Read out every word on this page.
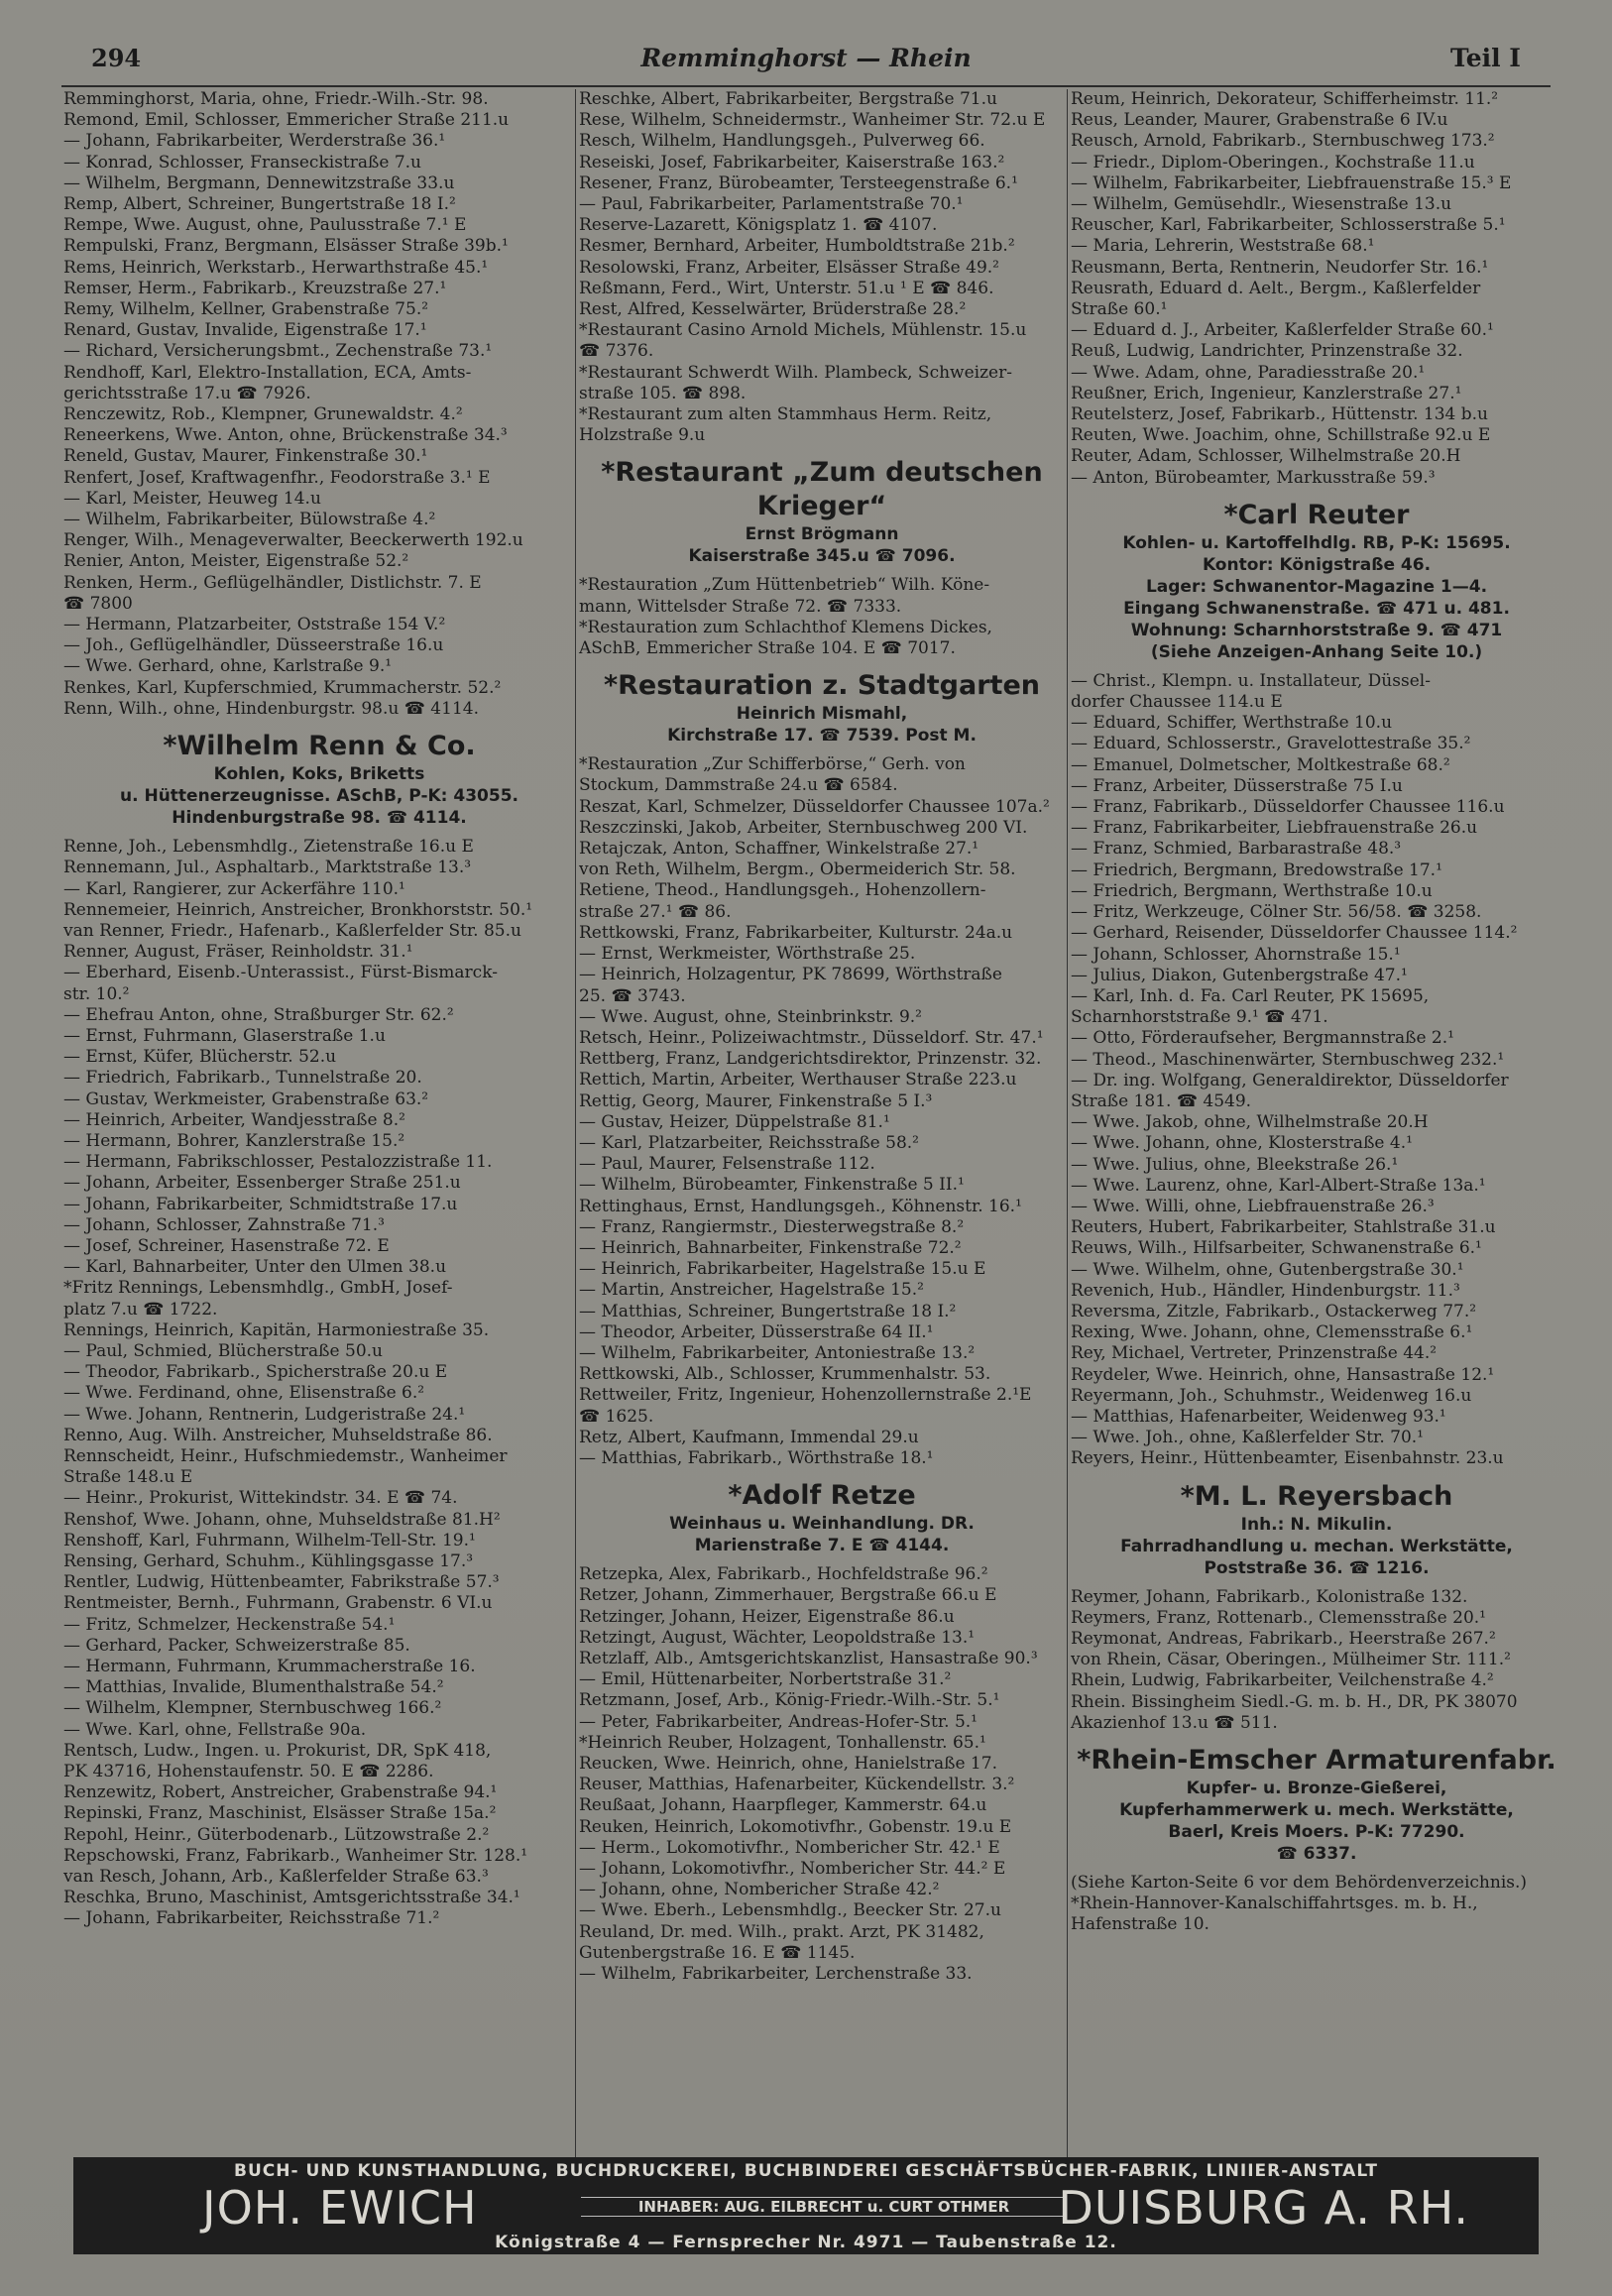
294	Remminghorst — Rhein	Teil I
Remminghorst, Maria, ohne, Friedr.-Wilh.-Str. 98.
Remond, Emil, Schlosser, Emmericher Straße 211.u
— Johann, Fabrikarbeiter, Werderstraße 36.¹
— Konrad, Schlosser, Franseckistraße 7.u
— Wilhelm, Bergmann, Dennewitzstraße 33.u
Remp, Albert, Schreiner, Bungertstraße 18 I.²
Rempe, Wwe. August, ohne, Paulusstraße 7.¹ E
Rempulski, Franz, Bergmann, Elsässer Straße 39b.¹
Rems, Heinrich, Werkstarb., Herwarthstraße 45.¹
Remser, Herm., Fabrikarb., Kreuzstraße 27.¹
Remy, Wilhelm, Kellner, Grabenstraße 75.²
Renard, Gustav, Invalide, Eigenstraße 17.¹
— Richard, Versicherungsbmt., Zechenstraße 73.¹
Rendhoff, Karl, Elektro-Installation, ECA, Amts-
gerichtsstraße 17.u ☎ 7926.
Renczewitz, Rob., Klempner, Grunewaldstr. 4.²
Reneerkens, Wwe. Anton, ohne, Brückenstraße 34.³
Reneld, Gustav, Maurer, Finkenstraße 30.¹
Renfert, Josef, Kraftwagenfhr., Feodorstraße 3.¹ E
— Karl, Meister, Heuweg 14.u
— Wilhelm, Fabrikarbeiter, Bülowstraße 4.²
Renger, Wilh., Menageverwalter, Beeckerwerth 192.u
Renier, Anton, Meister, Eigenstraße 52.²
Renken, Herm., Geflügelhändler, Distlichstr. 7. E
☎ 7800
— Hermann, Platzarbeiter, Oststraße 154 V.²
— Joh., Geflügelhändler, Düsseerstraße 16.u
— Wwe. Gerhard, ohne, Karlstraße 9.¹
Renkes, Karl, Kupferschmied, Krummacherstr. 52.²
Renn, Wilh., ohne, Hindenburgstr. 98.u ☎ 4114.
*Wilhelm Renn & Co.
Kohlen, Koks, Briketts
u. Hüttenerzeugnisse. ASchB, P-K: 43055.
Hindenburgstraße 98. ☎ 4114.
Renne, Joh., Lebensmhdlg., Zietenstraße 16.u E
Rennemann, Jul., Asphaltarb., Marktstraße 13.³
— Karl, Rangierer, zur Ackerfähre 110.¹
Rennemeier, Heinrich, Anstreicher, Bronkhorststr. 50.¹
van Renner, Friedr., Hafenarb., Kaßlerfelder Str. 85.u
Renner, August, Fräser, Reinholdstr. 31.¹
— Eberhard, Eisenb.-Unterassist., Fürst-Bismarck-
str. 10.²
— Ehefrau Anton, ohne, Straßburger Str. 62.²
— Ernst, Fuhrmann, Glaserstraße 1.u
— Ernst, Küfer, Blücherstr. 52.u
— Friedrich, Fabrikarb., Tunnelstraße 20.
— Gustav, Werkmeister, Grabenstraße 63.²
— Heinrich, Arbeiter, Wandjesstraße 8.²
— Hermann, Bohrer, Kanzlerstraße 15.²
— Hermann, Fabrikschlosser, Pestalozzistraße 11.
— Johann, Arbeiter, Essenberger Straße 251.u
— Johann, Fabrikarbeiter, Schmidtstraße 17.u
— Johann, Schlosser, Zahnstraße 71.³
— Josef, Schreiner, Hasenstraße 72. E
— Karl, Bahnarbeiter, Unter den Ulmen 38.u
*Fritz Rennings, Lebensmhdlg., GmbH, Josef-
platz 7.u ☎ 1722.
Rennings, Heinrich, Kapitän, Harmoniestraße 35.
— Paul, Schmied, Blücherstraße 50.u
— Theodor, Fabrikarb., Spicherstraße 20.u E
— Wwe. Ferdinand, ohne, Elisenstraße 6.²
— Wwe. Johann, Rentnerin, Ludgeristraße 24.¹
Renno, Aug. Wilh. Anstreicher, Muhseldstraße 86.
Rennscheidt, Heinr., Hufschmiedemstr., Wanheimer
Straße 148.u E
— Heinr., Prokurist, Wittekindstr. 34. E ☎ 74.
Renshof, Wwe. Johann, ohne, Muhseldstraße 81.H²
Renshoff, Karl, Fuhrmann, Wilhelm-Tell-Str. 19.¹
Rensing, Gerhard, Schuhm., Kühlingsgasse 17.³
Rentler, Ludwig, Hüttenbeamter, Fabrikstraße 57.³
Rentmeister, Bernh., Fuhrmann, Grabenstr. 6 VI.u
— Fritz, Schmelzer, Heckenstraße 54.¹
— Gerhard, Packer, Schweizerstraße 85.
— Hermann, Fuhrmann, Krummacherstraße 16.
— Matthias, Invalide, Blumenthalstraße 54.²
— Wilhelm, Klempner, Sternbuschweg 166.²
— Wwe. Karl, ohne, Fellstraße 90a.
Rentsch, Ludw., Ingen. u. Prokurist, DR, SpK 418,
PK 43716, Hohenstaufenstr. 50. E ☎ 2286.
Renzewitz, Robert, Anstreicher, Grabenstraße 94.¹
Repinski, Franz, Maschinist, Elsässer Straße 15a.²
Repohl, Heinr., Güterbodenarb., Lützowstraße 2.²
Repschowski, Franz, Fabrikarb., Wanheimer Str. 128.¹
van Resch, Johann, Arb., Kaßlerfelder Straße 63.³
Reschka, Bruno, Maschinist, Amtsgerichtsstraße 34.¹
— Johann, Fabrikarbeiter, Reichsstraße 71.²
Reschke, Albert, Fabrikarbeiter, Bergstraße 71.u
Rese, Wilhelm, Schneidermstr., Wanheimer Str. 72.u E
Resch, Wilhelm, Handlungsgeh., Pulverweg 66.
Reseiski, Josef, Fabrikarbeiter, Kaiserstraße 163.²
Resener, Franz, Bürobeamter, Tersteegenstraße 6.¹
— Paul, Fabrikarbeiter, Parlamentstraße 70.¹
Reserve-Lazarett, Königsplatz 1. ☎ 4107.
Resmer, Bernhard, Arbeiter, Humboldtstraße 21b.²
Resolowski, Franz, Arbeiter, Elsässer Straße 49.²
Reßmann, Ferd., Wirt, Unterstr. 51.u ¹ E ☎ 846.
Rest, Alfred, Kesselwärter, Brüderstraße 28.²
*Restaurant Casino Arnold Michels, Mühlenstr. 15.u
☎ 7376.
*Restaurant Schwerdt Wilh. Plambeck, Schweizer-
straße 105. ☎ 898.
*Restaurant zum alten Stammhaus Herm. Reitz,
Holzstraße 9.u
*Restaurant „Zum deutschen Krieger“
Ernst Brögmann
Kaiserstraße 345.u ☎ 7096.
*Restauration „Zum Hüttenbetrieb“ Wilh. Köne-
mann, Wittelsder Straße 72. ☎ 7333.
*Restauration zum Schlachthof Klemens Dickes,
ASchB, Emmericher Straße 104. E ☎ 7017.
*Restauration z. Stadtgarten
Heinrich Mismahl,
Kirchstraße 17. ☎ 7539. Post M.
*Restauration „Zur Schifferbörse,“ Gerh. von
Stockum, Dammstraße 24.u ☎ 6584.
Reszat, Karl, Schmelzer, Düsseldorfer Chaussee 107a.²
Reszczinski, Jakob, Arbeiter, Sternbuschweg 200 VI.
Retajczak, Anton, Schaffner, Winkelstraße 27.¹
von Reth, Wilhelm, Bergm., Obermeiderich Str. 58.
Retiene, Theod., Handlungsgeh., Hohenzollern-
straße 27.¹ ☎ 86.
Rettkowski, Franz, Fabrikarbeiter, Kulturstr. 24a.u
— Ernst, Werkmeister, Wörthstraße 25.
— Heinrich, Holzagentur, PK 78699, Wörthstraße
25. ☎ 3743.
— Wwe. August, ohne, Steinbrinkstr. 9.²
Retsch, Heinr., Polizeiwachtmstr., Düsseldorf. Str. 47.¹
Rettberg, Franz, Landgerichtsdirektor, Prinzenstr. 32.
Rettich, Martin, Arbeiter, Werthauser Straße 223.u
Rettig, Georg, Maurer, Finkenstraße 5 I.³
— Gustav, Heizer, Düppelstraße 81.¹
— Karl, Platzarbeiter, Reichsstraße 58.²
— Paul, Maurer, Felsenstraße 112.
— Wilhelm, Bürobeamter, Finkenstraße 5 II.¹
Rettinghaus, Ernst, Handlungsgeh., Köhnenstr. 16.¹
— Franz, Rangiermstr., Diesterwegstraße 8.²
— Heinrich, Bahnarbeiter, Finkenstraße 72.²
— Heinrich, Fabrikarbeiter, Hagelstraße 15.u E
— Martin, Anstreicher, Hagelstraße 15.²
— Matthias, Schreiner, Bungertstraße 18 I.²
— Theodor, Arbeiter, Düsserstraße 64 II.¹
— Wilhelm, Fabrikarbeiter, Antoniestraße 13.²
Rettkowski, Alb., Schlosser, Krummenhalstr. 53.
Rettweiler, Fritz, Ingenieur, Hohenzollernstraße 2.¹E
☎ 1625.
Retz, Albert, Kaufmann, Immendal 29.u
— Matthias, Fabrikarb., Wörthstraße 18.¹
*Adolf Retze
Weinhaus u. Weinhandlung. DR.
Marienstraße 7. E ☎ 4144.
Retzepka, Alex, Fabrikarb., Hochfeldstraße 96.²
Retzer, Johann, Zimmerhauer, Bergstraße 66.u E
Retzinger, Johann, Heizer, Eigenstraße 86.u
Retzingt, August, Wächter, Leopoldstraße 13.¹
Retzlaff, Alb., Amtsgerichtskanzlist, Hansastraße 90.³
— Emil, Hüttenarbeiter, Norbertstraße 31.²
Retzmann, Josef, Arb., König-Friedr.-Wilh.-Str. 5.¹
— Peter, Fabrikarbeiter, Andreas-Hofer-Str. 5.¹
*Heinrich Reuber, Holzagent, Tonhallenstr. 65.¹
Reucken, Wwe. Heinrich, ohne, Hanielstraße 17.
Reuser, Matthias, Hafenarbeiter, Kückendellstr. 3.²
Reußaat, Johann, Haarpfleger, Kammerstr. 64.u
Reuken, Heinrich, Lokomotivfhr., Gobenstr. 19.u E
— Herm., Lokomotivfhr., Nombericher Str. 42.¹ E
— Johann, Lokomotivfhr., Nombericher Str. 44.² E
— Johann, ohne, Nombericher Straße 42.²
— Wwe. Eberh., Lebensmhdlg., Beecker Str. 27.u
Reuland, Dr. med. Wilh., prakt. Arzt, PK 31482,
Gutenbergstraße 16. E ☎ 1145.
— Wilhelm, Fabrikarbeiter, Lerchenstraße 33.
Reum, Heinrich, Dekorateur, Schifferheimstr. 11.²
Reus, Leander, Maurer, Grabenstraße 6 IV.u
Reusch, Arnold, Fabrikarb., Sternbuschweg 173.²
— Friedr., Diplom-Oberingen., Kochstraße 11.u
— Wilhelm, Fabrikarbeiter, Liebfrauenstraße 15.³ E
— Wilhelm, Gemüsehdlr., Wiesenstraße 13.u
Reuscher, Karl, Fabrikarbeiter, Schlosserstraße 5.¹
— Maria, Lehrerin, Weststraße 68.¹
Reusmann, Berta, Rentnerin, Neudorfer Str. 16.¹
Reusrath, Eduard d. Aelt., Bergm., Kaßlerfelder
Straße 60.¹
— Eduard d. J., Arbeiter, Kaßlerfelder Straße 60.¹
Reuß, Ludwig, Landrichter, Prinzenstraße 32.
— Wwe. Adam, ohne, Paradiesstraße 20.¹
Reußner, Erich, Ingenieur, Kanzlerstraße 27.¹
Reutelsterz, Josef, Fabrikarb., Hüttenstr. 134 b.u
Reuten, Wwe. Joachim, ohne, Schillstraße 92.u E
Reuter, Adam, Schlosser, Wilhelmstraße 20.H
— Anton, Bürobeamter, Markusstraße 59.³
*Carl Reuter
Kohlen- u. Kartoffelhdlg. RB, P-K: 15695.
Kontor: Königstraße 46.
Lager: Schwanentor-Magazine 1—4.
Eingang Schwanenstraße. ☎ 471 u. 481.
Wohnung: Scharnhorststraße 9. ☎ 471
(Siehe Anzeigen-Anhang Seite 10.)
— Christ., Klempn. u. Installateur, Düssel-
dorfer Chaussee 114.u E
— Eduard, Schiffer, Werthstraße 10.u
— Eduard, Schlosserstr., Gravelottestraße 35.²
— Emanuel, Dolmetscher, Moltkestraße 68.²
— Franz, Arbeiter, Düsserstraße 75 I.u
— Franz, Fabrikarb., Düsseldorfer Chaussee 116.u
— Franz, Fabrikarbeiter, Liebfrauenstraße 26.u
— Franz, Schmied, Barbarastraße 48.³
— Friedrich, Bergmann, Bredowstraße 17.¹
— Friedrich, Bergmann, Werthstraße 10.u
— Fritz, Werkzeuge, Cölner Str. 56/58. ☎ 3258.
— Gerhard, Reisender, Düsseldorfer Chaussee 114.²
— Johann, Schlosser, Ahornstraße 15.¹
— Julius, Diakon, Gutenbergstraße 47.¹
— Karl, Inh. d. Fa. Carl Reuter, PK 15695,
Scharnhorststraße 9.¹ ☎ 471.
— Otto, Förderaufseher, Bergmannstraße 2.¹
— Theod., Maschinenwärter, Sternbuschweg 232.¹
— Dr. ing. Wolfgang, Generaldirektor, Düsseldorfer
Straße 181. ☎ 4549.
— Wwe. Jakob, ohne, Wilhelmstraße 20.H
— Wwe. Johann, ohne, Klosterstraße 4.¹
— Wwe. Julius, ohne, Bleekstraße 26.¹
— Wwe. Laurenz, ohne, Karl-Albert-Straße 13a.¹
— Wwe. Willi, ohne, Liebfrauenstraße 26.³
Reuters, Hubert, Fabrikarbeiter, Stahlstraße 31.u
Reuws, Wilh., Hilfsarbeiter, Schwanenstraße 6.¹
— Wwe. Wilhelm, ohne, Gutenbergstraße 30.¹
Revenich, Hub., Händler, Hindenburgstr. 11.³
Reversma, Zitzle, Fabrikarb., Ostackerweg 77.²
Rexing, Wwe. Johann, ohne, Clemensstraße 6.¹
Rey, Michael, Vertreter, Prinzenstraße 44.²
Reydeler, Wwe. Heinrich, ohne, Hansastraße 12.¹
Reyermann, Joh., Schuhmstr., Weidenweg 16.u
— Matthias, Hafenarbeiter, Weidenweg 93.¹
— Wwe. Joh., ohne, Kaßlerfelder Str. 70.¹
Reyers, Heinr., Hüttenbeamter, Eisenbahnstr. 23.u
*M. L. Reyersbach
Inh.: N. Mikulin.
Fahrradhandlung u. mechan. Werkstätte,
Poststraße 36. ☎ 1216.
Reymer, Johann, Fabrikarb., Kolonistraße 132.
Reymers, Franz, Rottenarb., Clemensstraße 20.¹
Reymonat, Andreas, Fabrikarb., Heerstraße 267.²
von Rhein, Cäsar, Oberingen., Mülheimer Str. 111.²
Rhein, Ludwig, Fabrikarbeiter, Veilchenstraße 4.²
Rhein. Bissingheim Siedl.-G. m. b. H., DR, PK 38070
Akazienhof 13.u ☎ 511.
*Rhein-Emscher Armaturenfabr.
Kupfer- u. Bronze-Gießerei,
Kupferhammerwerk u. mech. Werkstätte,
Baerl, Kreis Moers. P-K: 77290.
☎ 6337.
(Siehe Karton-Seite 6 vor dem Behördenverzeichnis.)
*Rhein-Hannover-Kanalschiffahrtsges. m. b. H.,
Hafenstraße 10.
BUCH- UND KUNSTHANDLUNG, BUCHDRUCKEREI, BUCHBINDEREI GESCHÄFTSBÜCHER-FABRIK, LINIIER-ANSTALT
JOH. EWICH	INHABER: AUG. EILBRECHT u. CURT OTHMER	DUISBURG A. RH.
Königstraße 4 — Fernsprecher Nr. 4971 — Taubenstraße 12.
